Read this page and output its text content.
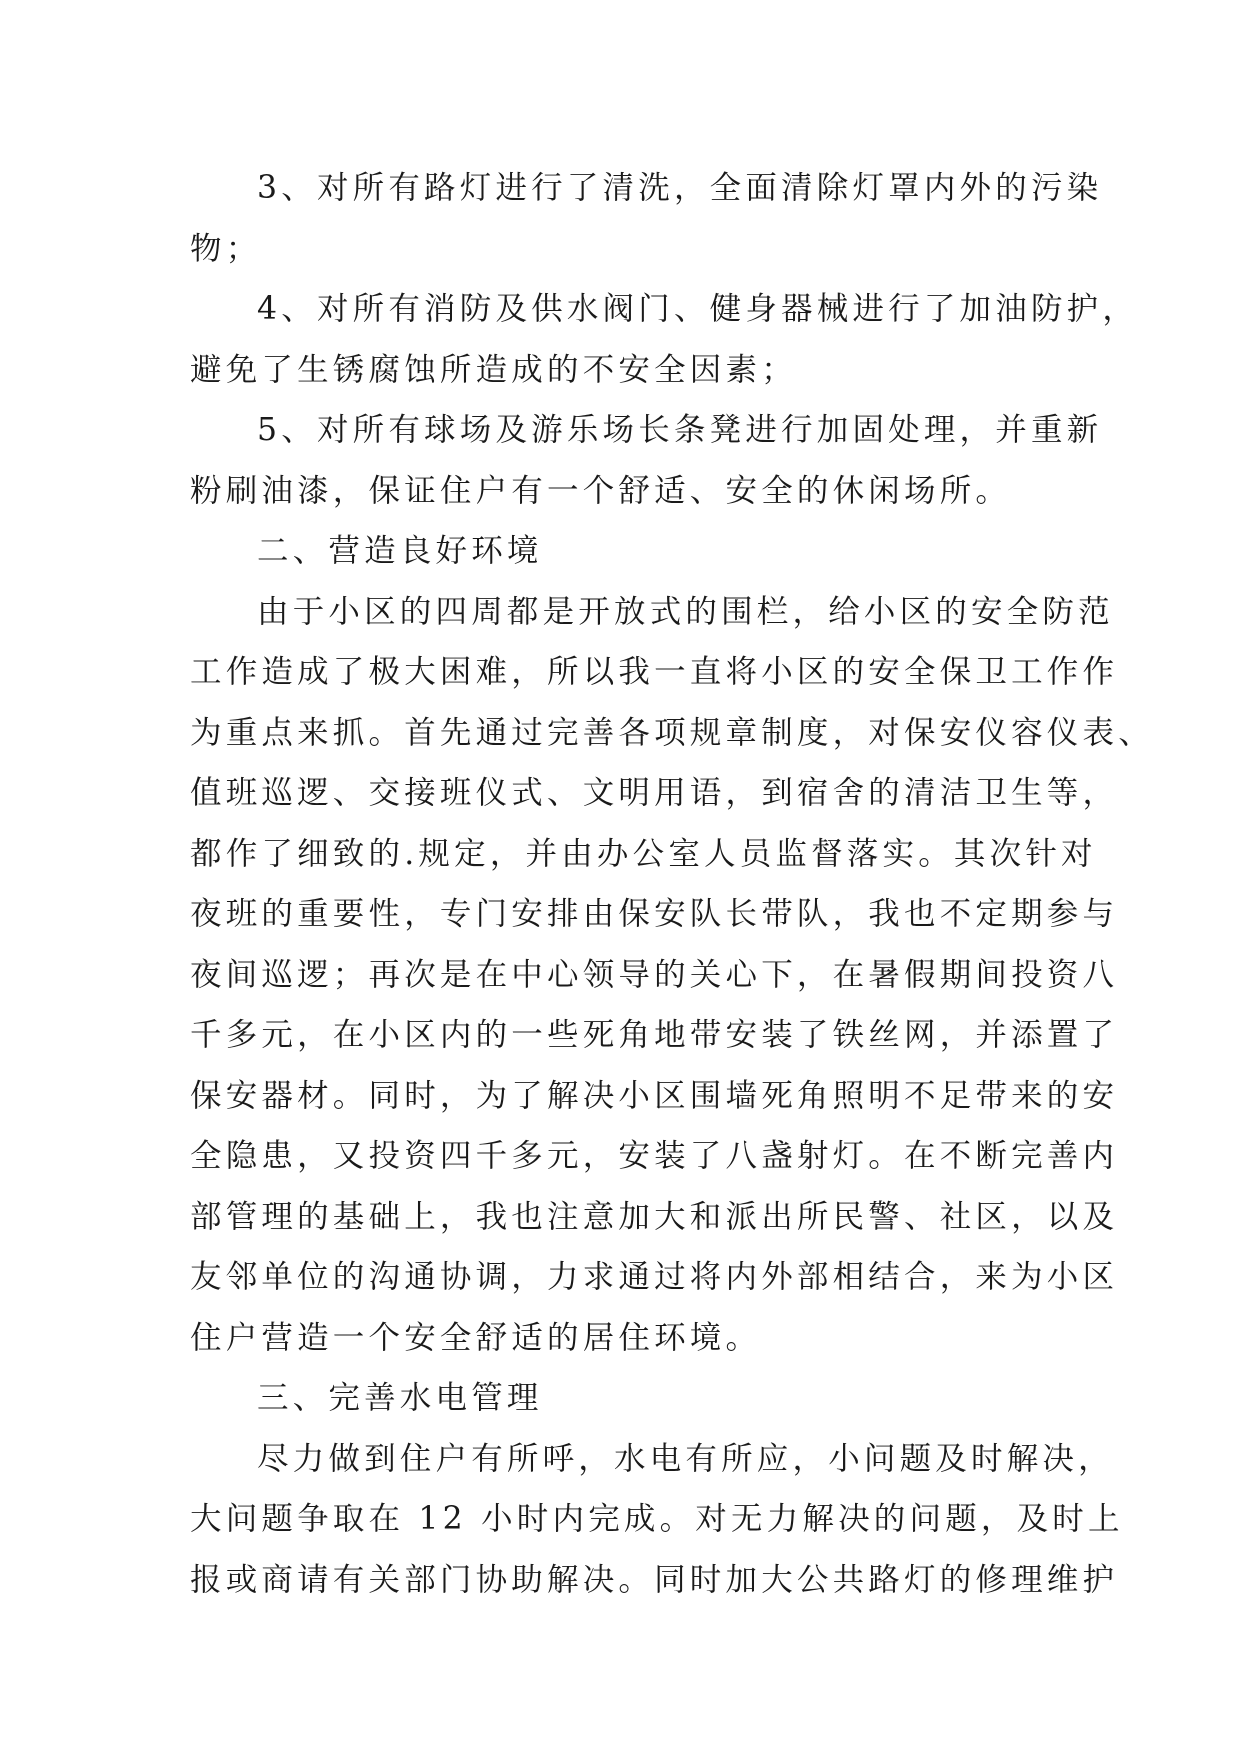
3、对所有路灯进行了清洗，全面清除灯罩内外的污染
物；
4、对所有消防及供水阀门、健身器械进行了加油防护，
避免了生锈腐蚀所造成的不安全因素；
5、对所有球场及游乐场长条凳进行加固处理，并重新
粉刷油漆，保证住户有一个舒适、安全的休闲场所。
二、营造良好环境
由于小区的四周都是开放式的围栏，给小区的安全防范
工作造成了极大困难，所以我一直将小区的安全保卫工作作
为重点来抓。首先通过完善各项规章制度，对保安仪容仪表、
值班巡逻、交接班仪式、文明用语，到宿舍的清洁卫生等，
都作了细致的.规定，并由办公室人员监督落实。其次针对
夜班的重要性，专门安排由保安队长带队，我也不定期参与
夜间巡逻；再次是在中心领导的关心下，在暑假期间投资八
千多元，在小区内的一些死角地带安装了铁丝网，并添置了
保安器材。同时，为了解决小区围墙死角照明不足带来的安
全隐患，又投资四千多元，安装了八盏射灯。在不断完善内
部管理的基础上，我也注意加大和派出所民警、社区，以及
友邻单位的沟通协调，力求通过将内外部相结合，来为小区
住户营造一个安全舒适的居住环境。
三、完善水电管理
尽力做到住户有所呼，水电有所应，小问题及时解决，
大问题争取在 12 小时内完成。对无力解决的问题，及时上
报或商请有关部门协助解决。同时加大公共路灯的修理维护
